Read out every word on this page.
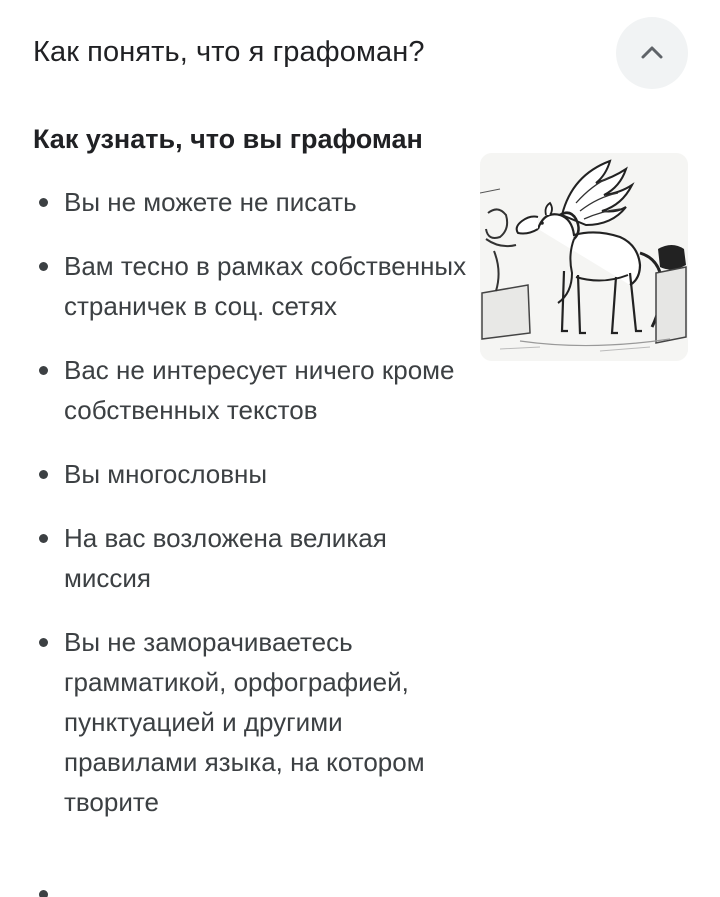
Как понять, что я графоман?
Как узнать, что вы графоман
Вы не можете не писать
Вам тесно в рамках собственных страничек в соц. сетях
Вас не интересует ничего кроме собственных текстов
Вы многословны
На вас возложена великая миссия
Вы не заморачиваетесь грамматикой, орфографией, пунктуацией и другими правилами языка, на котором творите
